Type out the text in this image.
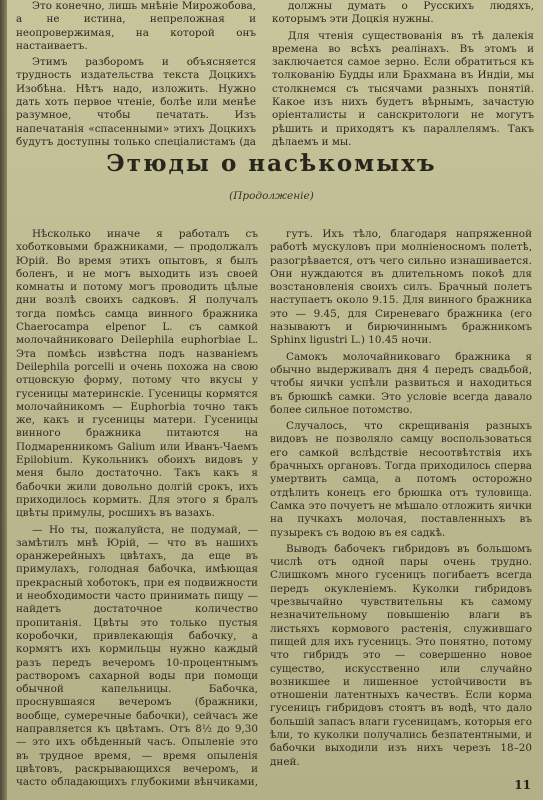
Это конечно, лишь мнѣніе Мирожобова, а не истина, непреложная и неопровержимая, на которой онъ настаиваетъ.

Этимъ разборомъ и объясняется трудность издательства текста Доцкихъ Изобѣна. Нѣтъ надо, изложить. Нужно дать хоть первое чтеніе, болѣе или менѣе разумное, чтобы печатать. Изъ напечатанія «спасенными» этихъ Доцкихъ будутъ доступны только спеціалистамъ (да

должны думать о Русскихъ людяхъ, которымъ эти Доцкія нужны.

Для чтенія существованія въ тѣ далекія времена во всѣхъ реалінахъ. Въ этомъ и заключается самое зерно. Если обратиться къ толкованію Будды или Брахмана въ Индіи, мы столкнемся съ тысячами разныхъ понятій. Какое изъ нихъ будетъ вѣрнымъ, зачастую оріенталисты и санскритологи не могутъ рѣшить и приходятъ къ параллелямъ. Такъ дѣлаемъ и мы.

Этюды о насѣкомыхъ
(Продолженіе)

Нѣсколько иначе я работалъ съ хоботковыми бражниками, — продолжалъ Юрій. Во время этихъ опытовъ, я былъ боленъ, и не могъ выходить изъ своей комнаты и потому могъ проводить цѣлые дни возлѣ своихъ садковъ. Я получалъ тогда помѣсь самца винного бражника Chaerocampa elpenor L. съ самкой молочайниковаго Deilephila euphorbiae L. Эта помѣсь извѣстна подъ названіемъ Deilephila porcelli и очень похожа на свою отцовскую форму, потому что вкусы у гусеницы материнскіе. Гусеницы кормятся молочайникомъ — Euphorbia точно такъ же, какъ и гусеницы матери. Гусеницы винного бражника питаются на Подмаренникомъ Galium или Иванъ-Чаемъ Epilobium. Кукольникъ обоихъ видовъ у меня было достаточно. Такъ какъ я бабочки жили довольно долгій срокъ, ихъ приходилось кормить. Для этого я бралъ цвѣты примулы, росшихъ въ вазахъ.

— Но ты, пожалуйста, не подумай, — замѣтилъ мнѣ Юрій, — что въ нашихъ оранжерейныхъ цвѣтахъ, да еще въ примулахъ, голодная бабочка, имѣющая прекрасный хоботокъ, при ея подвижности и необходимости часто принимать пищу — найдетъ достаточное количество пропитанія. Цвѣты это только пустыя коробочки, привлекающія бабочку, а кормятъ ихъ кормильцы нужно каждый разъ передъ вечеромъ 10-процентнымъ растворомъ сахарной воды при помощи обычной капельницы. Бабочка, проснувшаяся вечеромъ (бражники, вообще, сумеречные бабочки), сейчасъ же направляется къ цвѣтамъ. Отъ 8½ до 9,30 — это ихъ обѣденный часъ. Опыленіе это въ трудное время, — время опыленія цвѣтовъ, раскрывающихся вечеромъ, и часто обладающихъ глубокими вѣнчиками,

гутъ. Ихъ тѣло, благодаря напряженной работѣ мускуловъ при молніеносномъ полетѣ, разогрѣвается, отъ чего сильно изнашивается. Они нуждаются въ длительномъ покоѣ для возстановленія своихъ силъ. Брачный полетъ наступаетъ около 9.15. Для винного бражника это — 9.45, для Сиреневаго бражника (его называютъ и бирючиннымъ бражникомъ Sphinx ligustri L.) 10.45 ночи.

Самокъ молочайниковаго бражника я обычно выдерживалъ дня 4 передъ свадьбой, чтобы яички успѣли развиться и находиться въ брюшкѣ самки. Это условіе всегда давало более сильное потомство.

Случалось, что скрещиванія разныхъ видовъ не позволяло самцу воспользоваться его самкой вслѣдствіе несоотвѣтствія ихъ брачныхъ органовъ. Тогда приходилось сперва умертвить самца, а потомъ осторожно отдѣлить конецъ его брюшка отъ туловища. Самка это почуетъ не мѣшало отложить яички на пучкахъ молочая, поставленныхъ въ пузырекъ съ водою въ ея садкѣ.

Выводъ бабочекъ гибридовъ въ большомъ числѣ отъ одной пары очень трудно. Слишкомъ много гусеницъ погибаетъ всегда передъ окукленіемъ. Куколки гибридовъ чрезвычайно чувствительны къ самому незначительному повышенію влаги въ листьяхъ кормового растенія, служившаго пищей для ихъ гусеницъ. Это понятно, потому что гибридъ это — совершенно новое существо, искусственно или случайно возникшее и лишенное устойчивости въ отношеніи латентныхъ качествъ. Если корма гусеницъ гибридовъ стоятъ въ водѣ, что дало большій запасъ влаги гусеницамъ, которыя его ѣли, то куколки получались безпатентными, и бабочки выходили изъ нихъ черезъ 18–20 дней.

11
